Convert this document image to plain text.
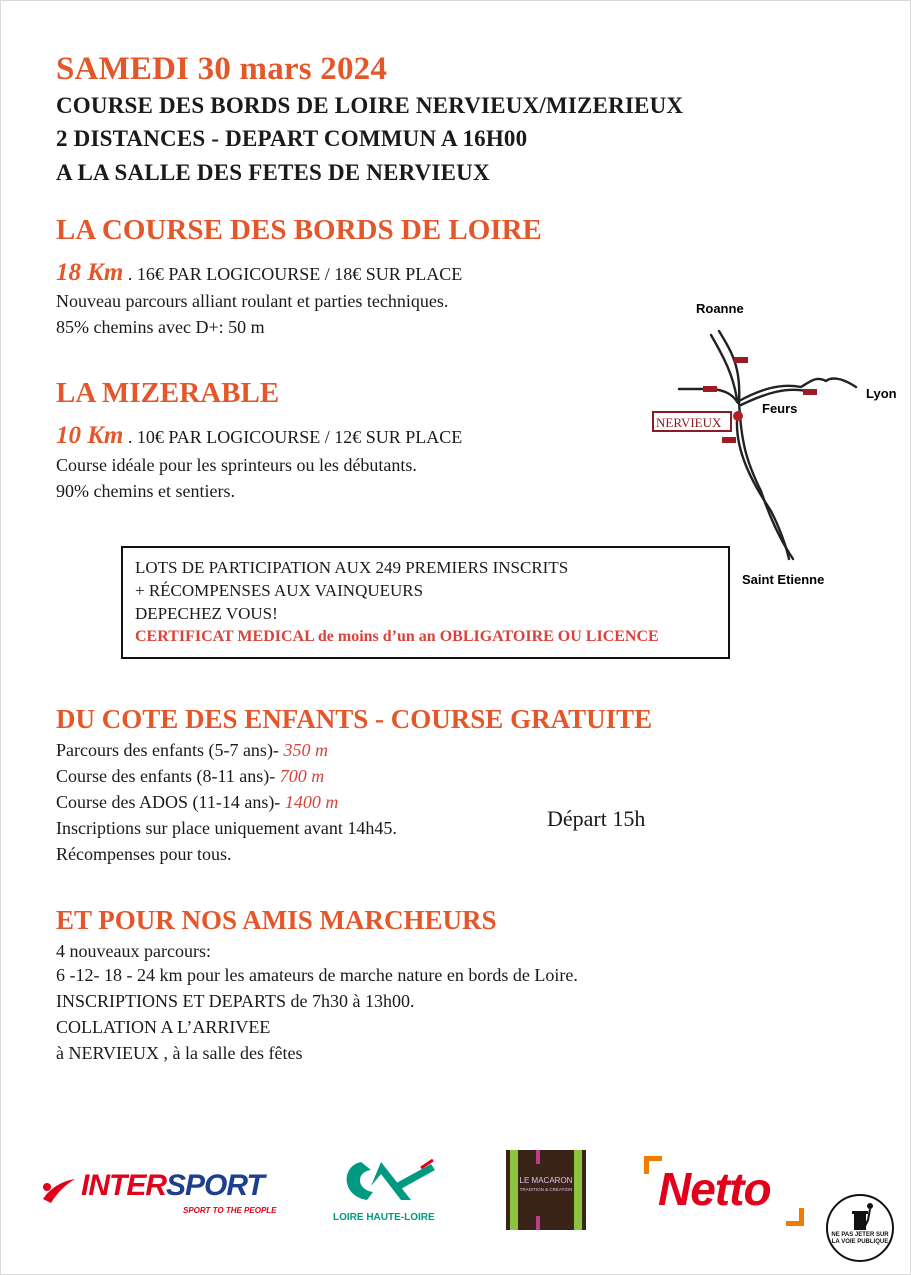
SAMEDI 30 mars 2024
COURSE DES BORDS DE LOIRE NERVIEUX/MIZERIEUX
2 DISTANCES - DEPART COMMUN A 16H00
A LA SALLE DES FETES DE NERVIEUX
LA COURSE DES BORDS DE LOIRE
18 Km . 16€ PAR LOGICOURSE / 18€ SUR PLACE
Nouveau parcours alliant roulant et parties techniques.
85% chemins avec D+: 50 m
LA MIZERABLE
10 Km . 10€ PAR LOGICOURSE / 12€ SUR PLACE
Course idéale pour les sprinteurs ou les débutants.
90% chemins et sentiers.
NERVIEUX
Roanne
Lyon
Feurs
Saint Etienne
LOTS DE PARTICIPATION AUX 249 PREMIERS INSCRITS
+ RÉCOMPENSES AUX VAINQUEURS
DEPECHEZ VOUS!
CERTIFICAT MEDICAL de moins d’un an OBLIGATOIRE OU LICENCE
DU COTE DES ENFANTS - COURSE GRATUITE
Parcours des enfants (5-7 ans)- 350 m
Course des enfants (8-11 ans)- 700 m
Course des ADOS (11-14 ans)- 1400 m
Inscriptions sur place uniquement avant 14h45.
Récompenses pour tous.
Départ 15h
ET POUR NOS AMIS MARCHEURS
4 nouveaux parcours:
6 -12- 18 - 24 km pour les amateurs de marche nature en bords de Loire.
INSCRIPTIONS ET DEPARTS de 7h30 à 13h00.
COLLATION A L’ARRIVEE
à NERVIEUX , à la salle des fêtes
INTERSPORT
SPORT TO THE PEOPLE
LOIRE HAUTE-LOIRE
LE MACARON
TRADITION & CREATION Netto
NE PAS JETER SUR LA VOIE PUBLIQUE
